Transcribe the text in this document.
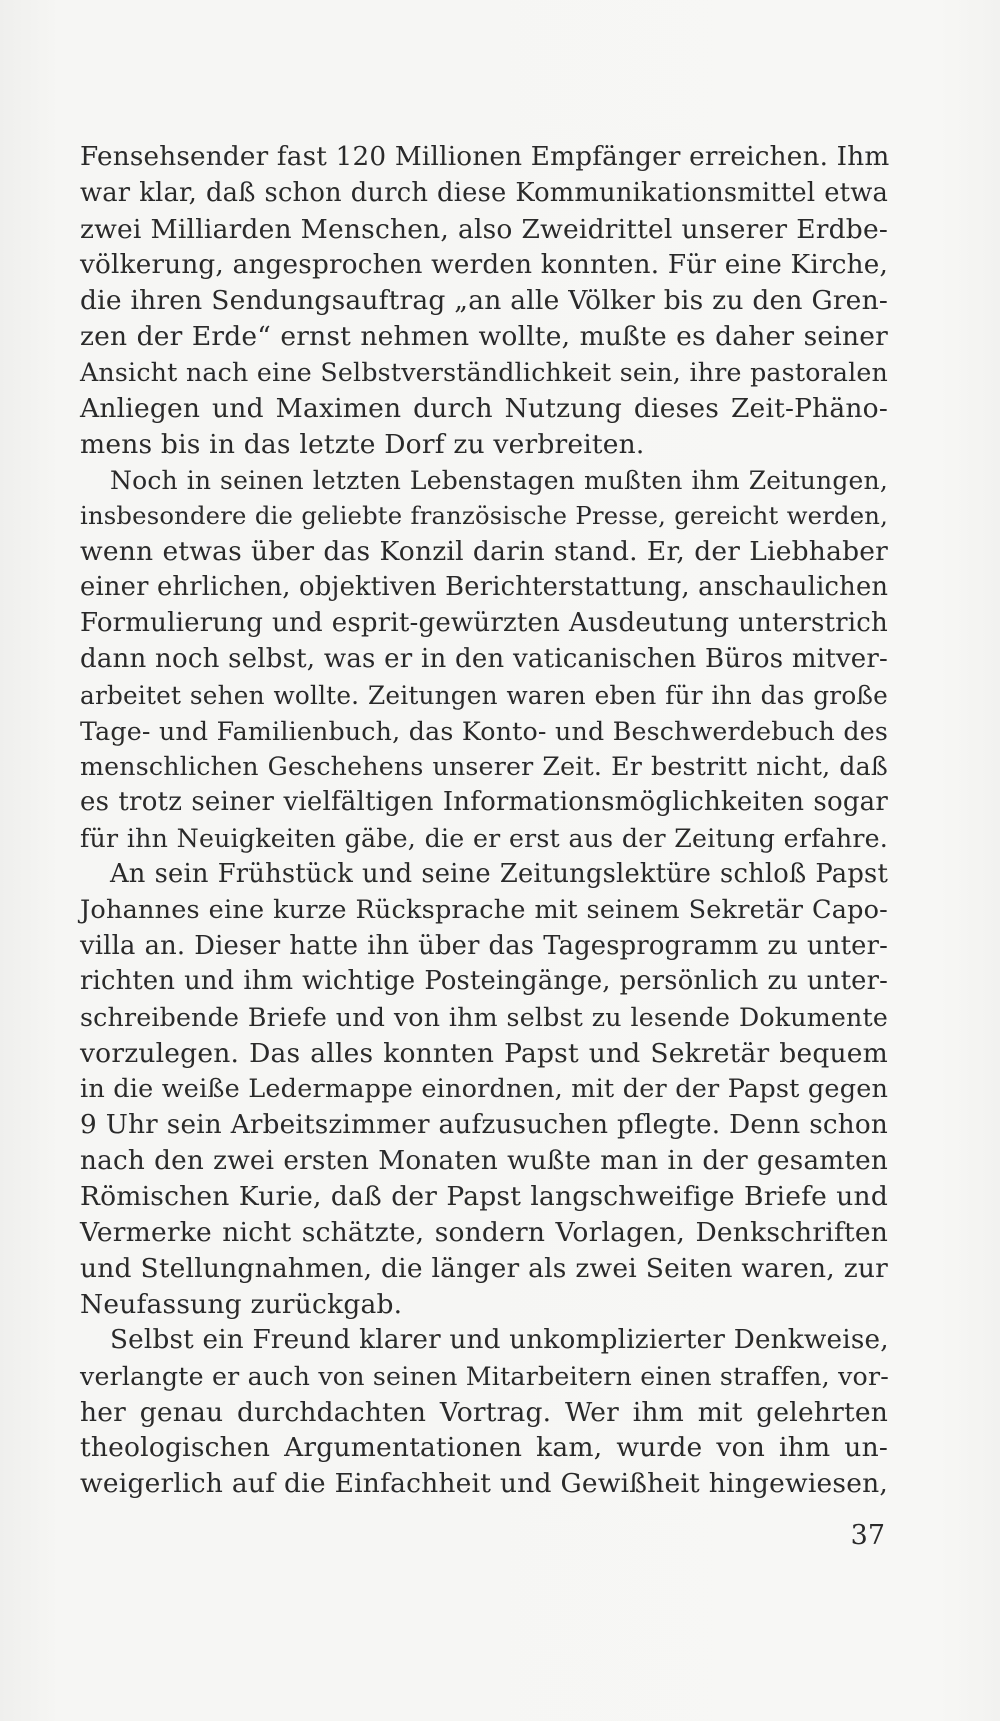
Fensehsender fast 120 Millionen Empfänger erreichen. Ihm
war klar, daß schon durch diese Kommunikationsmittel etwa
zwei Milliarden Menschen, also Zweidrittel unserer Erdbe-
völkerung, angesprochen werden konnten. Für eine Kirche,
die ihren Sendungsauftrag „an alle Völker bis zu den Gren-
zen der Erde“ ernst nehmen wollte, mußte es daher seiner
Ansicht nach eine Selbstverständlichkeit sein, ihre pastoralen
Anliegen und Maximen durch Nutzung dieses Zeit-Phäno-
mens bis in das letzte Dorf zu verbreiten.
Noch in seinen letzten Lebenstagen mußten ihm Zeitungen,
insbesondere die geliebte französische Presse, gereicht werden,
wenn etwas über das Konzil darin stand. Er, der Liebhaber
einer ehrlichen, objektiven Berichterstattung, anschaulichen
Formulierung und esprit-gewürzten Ausdeutung unterstrich
dann noch selbst, was er in den vaticanischen Büros mitver-
arbeitet sehen wollte. Zeitungen waren eben für ihn das große
Tage- und Familienbuch, das Konto- und Beschwerdebuch des
menschlichen Geschehens unserer Zeit. Er bestritt nicht, daß
es trotz seiner vielfältigen Informationsmöglichkeiten sogar
für ihn Neuigkeiten gäbe, die er erst aus der Zeitung erfahre.
An sein Frühstück und seine Zeitungslektüre schloß Papst
Johannes eine kurze Rücksprache mit seinem Sekretär Capo-
villa an. Dieser hatte ihn über das Tagesprogramm zu unter-
richten und ihm wichtige Posteingänge, persönlich zu unter-
schreibende Briefe und von ihm selbst zu lesende Dokumente
vorzulegen. Das alles konnten Papst und Sekretär bequem
in die weiße Ledermappe einordnen, mit der der Papst gegen
9 Uhr sein Arbeitszimmer aufzusuchen pflegte. Denn schon
nach den zwei ersten Monaten wußte man in der gesamten
Römischen Kurie, daß der Papst langschweifige Briefe und
Vermerke nicht schätzte, sondern Vorlagen, Denkschriften
und Stellungnahmen, die länger als zwei Seiten waren, zur
Neufassung zurückgab.
Selbst ein Freund klarer und unkomplizierter Denkweise,
verlangte er auch von seinen Mitarbeitern einen straffen, vor-
her genau durchdachten Vortrag. Wer ihm mit gelehrten
theologischen Argumentationen kam, wurde von ihm un-
weigerlich auf die Einfachheit und Gewißheit hingewiesen,
37
